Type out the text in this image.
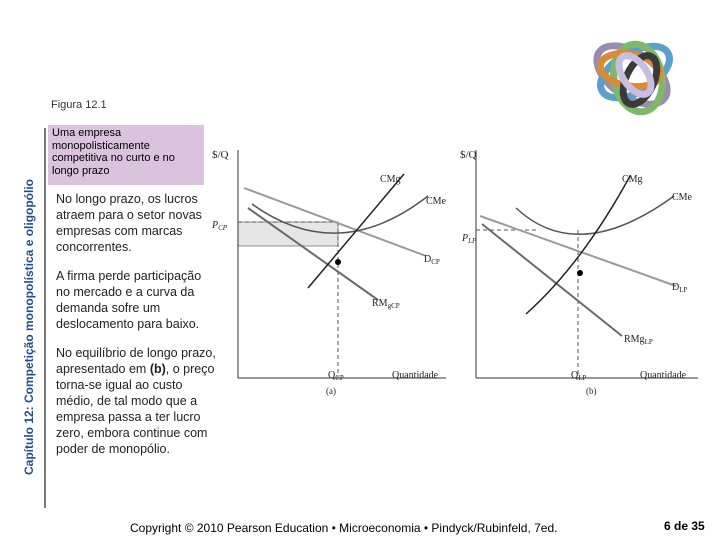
Capítulo 12: Competição monopolística e oligopólio
Figura 12.1
Uma empresa monopolisticamente competitiva no curto e no longo prazo

No longo prazo, os lucros atraem para o setor novas empresas com marcas concorrentes.

A firma perde participação no mercado e a curva da demanda sofre um deslocamento para baixo.

No equilíbrio de longo prazo, apresentado em (b), o preço torna-se igual ao custo médio, de tal modo que a empresa passa a ter lucro zero, embora continue com poder de monopólio.

$/Q
$P_{CP}$
CMg
CMe
$D_{CP}$
$RM_{gCP}$
$Q_{CP}$	Quantidade
(a)
$/Q
$P_{LP}$
CMg
CMe
$D_{LP}$
RMg$_{LP}$
$Q_{LP}$	Quantidade
(b)
Copyright © 2010 Pearson Education • Microeconomia • Pindyck/Rubinfeld, 7ed.	6 de 35
